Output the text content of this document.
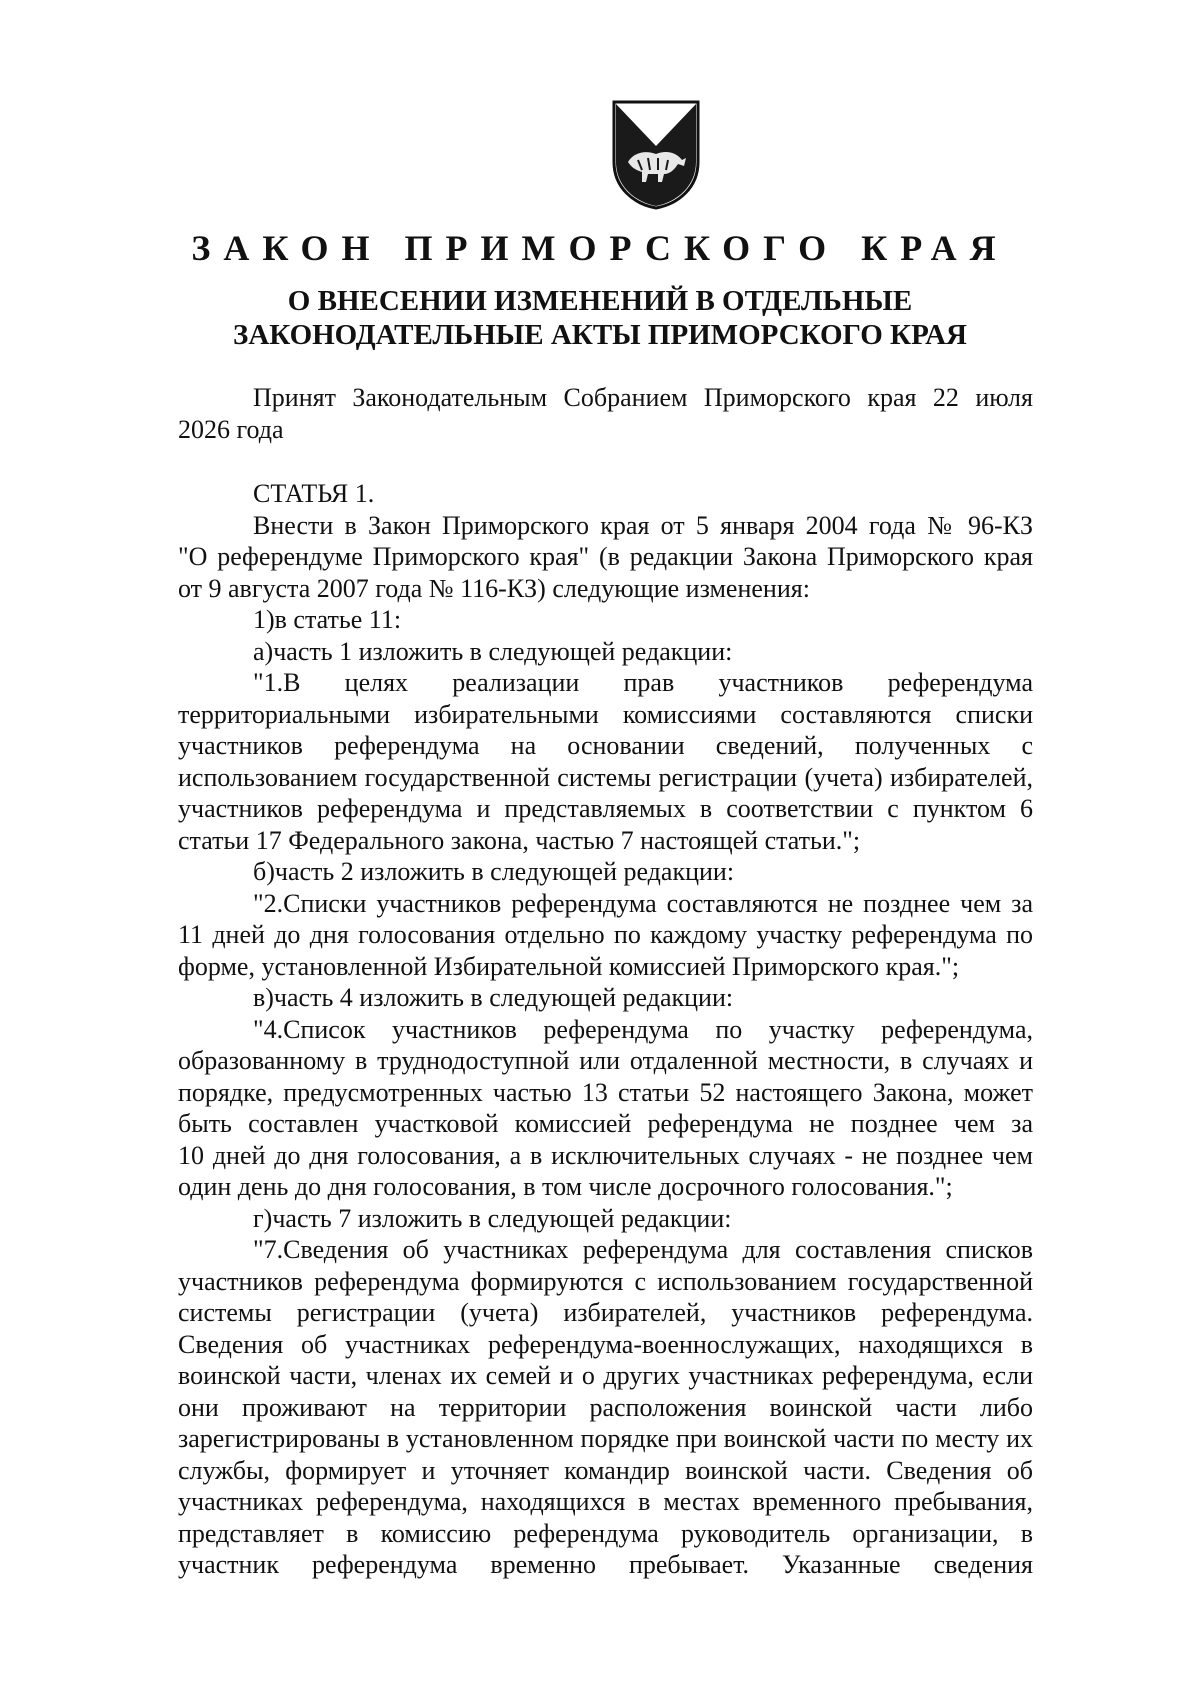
ЗАКОН ПРИМОРСКОГО КРАЯ
О ВНЕСЕНИИ ИЗМЕНЕНИЙ В ОТДЕЛЬНЫЕ
ЗАКОНОДАТЕЛЬНЫЕ АКТЫ ПРИМОРСКОГО КРАЯ
Принят Законодательным Собранием Приморского края 22 июля
2026 года
СТАТЬЯ 1.
Внести в Закон Приморского края от 5 января 2004 года № 96-КЗ
"О референдуме Приморского края" (в редакции Закона Приморского края
от 9 августа 2007 года № 116-КЗ) следующие изменения:
1)в статье 11:
а)часть 1 изложить в следующей редакции:
"1.В целях реализации прав участников референдума
территориальными избирательными комиссиями составляются списки
участников референдума на основании сведений, полученных с
использованием государственной системы регистрации (учета) избирателей,
участников референдума и представляемых в соответствии с пунктом 6
статьи 17 Федерального закона, частью 7 настоящей статьи.";
б)часть 2 изложить в следующей редакции:
"2.Списки участников референдума составляются не позднее чем за
11 дней до дня голосования отдельно по каждому участку референдума по
форме, установленной Избирательной комиссией Приморского края.";
в)часть 4 изложить в следующей редакции:
"4.Список участников референдума по участку референдума,
образованному в труднодоступной или отдаленной местности, в случаях и
порядке, предусмотренных частью 13 статьи 52 настоящего Закона, может
быть составлен участковой комиссией референдума не позднее чем за
10 дней до дня голосования, а в исключительных случаях - не позднее чем
один день до дня голосования, в том числе досрочного голосования.";
г)часть 7 изложить в следующей редакции:
"7.Сведения об участниках референдума для составления списков
участников референдума формируются с использованием государственной
системы регистрации (учета) избирателей, участников референдума.
Сведения об участниках референдума-военнослужащих, находящихся в
воинской части, членах их семей и о других участниках референдума, если
они проживают на территории расположения воинской части либо
зарегистрированы в установленном порядке при воинской части по месту их
службы, формирует и уточняет командир воинской части. Сведения об
участниках референдума, находящихся в местах временного пребывания,
представляет в комиссию референдума руководитель организации, в
участник референдума временно пребывает. Указанные сведения
